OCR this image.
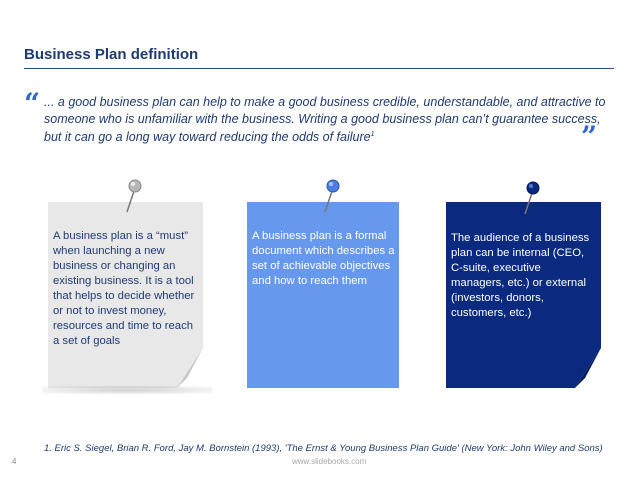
Business Plan definition
“ ... a good business plan can help to make a good business credible, understandable, and attractive to someone who is unfamiliar with the business. Writing a good business plan can’t guarantee success, but it can go a long way toward reducing the odds of failure$^1$	”
A business plan is a “must” when launching a new business or changing an existing business. It is a tool that helps to decide whether or not to invest money, resources and time to reach a set of goals
A business plan is a formal document which describes a set of achievable objectives and how to reach them
The audience of a business plan can be internal (CEO, C-suite, executive managers, etc.) or external (investors, donors, customers, etc.)
1. Eric S. Siegel, Brian R. Ford, Jay M. Bornstein (1993), 'The Ernst & Young Business Plan Guide' (New York: John Wiley and Sons)
4	www.slidebooks.com
